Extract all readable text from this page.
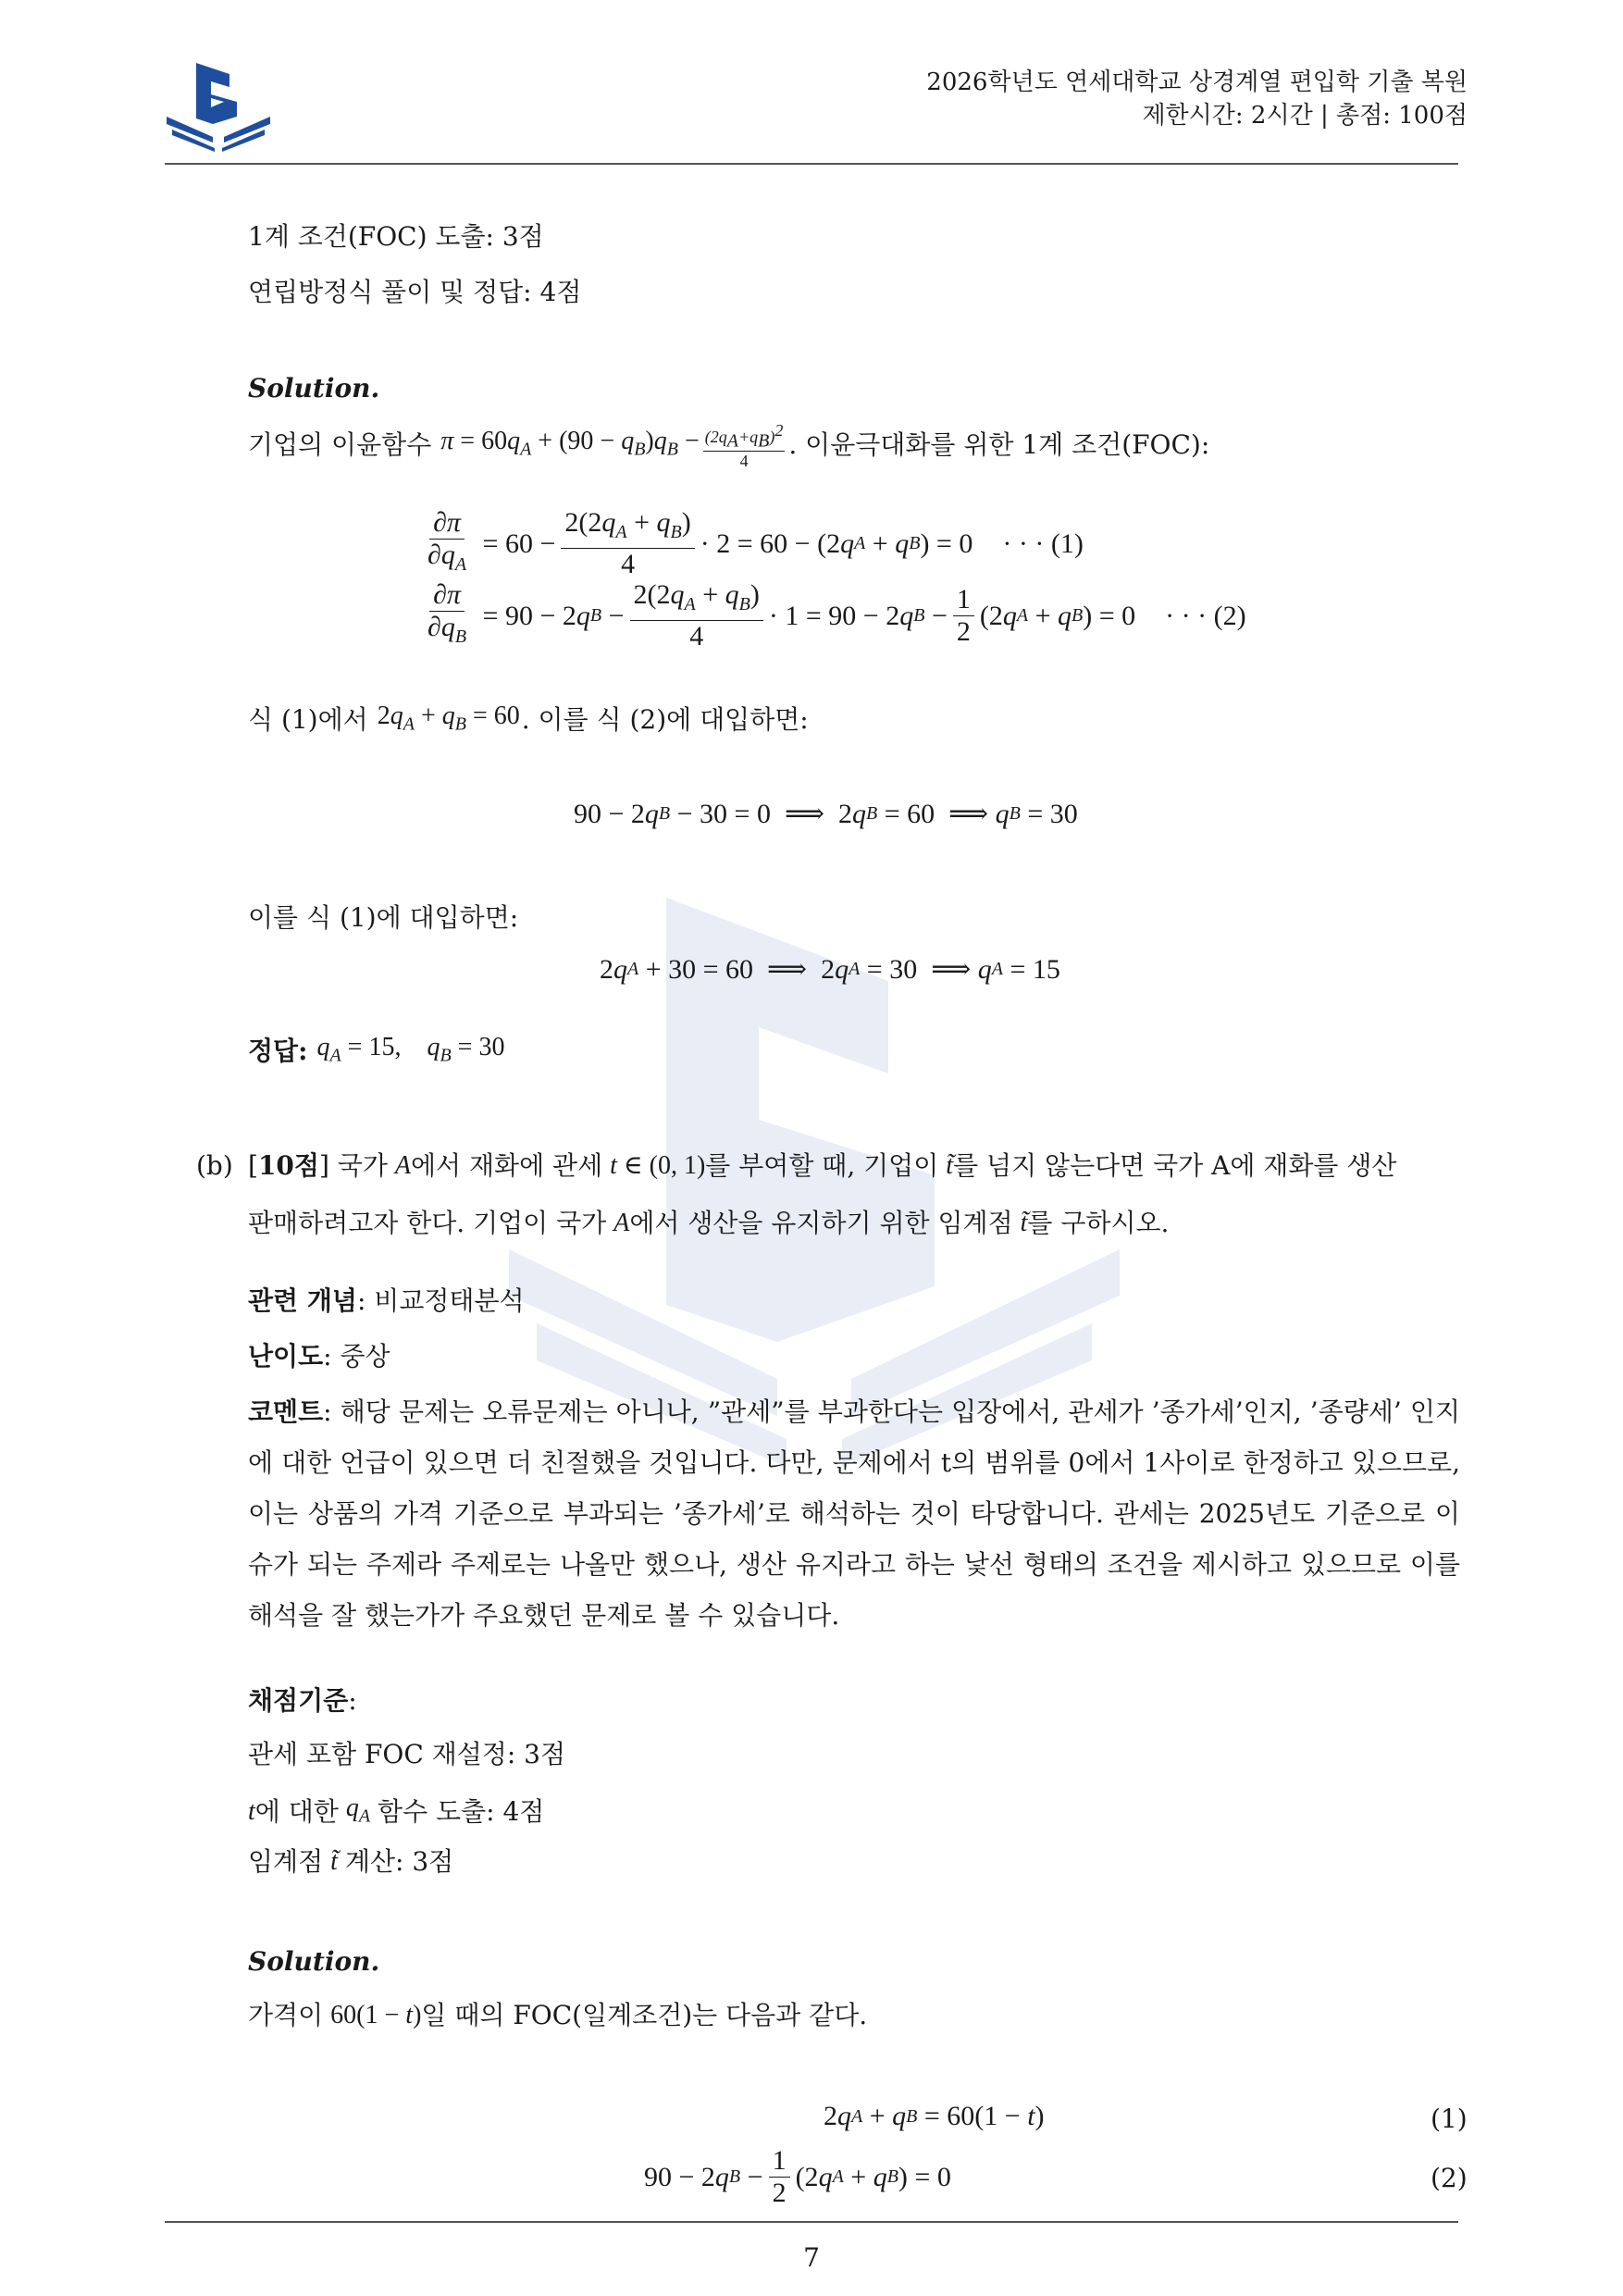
2026학년도 연세대학교 상경계열 편입학 기출 복원
제한시간: 2시간 | 총점: 100점
1계 조건(FOC) 도출: 3점
연립방정식 풀이 및 정답: 4점
Solution.
기업의 이윤함수 $\pi = 60q_A + (90 - q_B)q_B - \frac{(2q_A+q_B)^2}{4}$ . 이윤극대화를 위한 1계 조건(FOC):
$\frac{\partial\pi}{\partial q_A} = 60 - \frac{2(2q_A + q_B)}{4} \cdot 2 = 60 - (2$ q A + q B ) = 0 · · · (1)
$\frac{\partial\pi}{\partial q_B} = 90 - 2$ q $B - \frac{2(2q_A + q_B)}{4} \cdot 1 = 90 - 2$ q $B - \frac{1}{2} (2$ q A + q B ) = 0 · · · (2)
식 (1)에서 $2q_A + q_B = 60$ . 이를 식 (2)에 대입하면:
90 − 2 q B − 30 = 0  ⟹  2 q B = 60  ⟹ q B = 30
이를 식 (1)에 대입하면:
2 q A + 30 = 60  ⟹  2 q A = 30  ⟹ q A = 15
정답: $q_A = 15$,    $q_B = 30$
(b) [ 10점 ] 국가 A 에서 재화에 관세 t ∈ (0, 1) 를 부여할 때, 기업이 t̃ 를 넘지 않는다면 국가 A에 재화를 생산
판매하려고자 한다. 기업이 국가 A 에서 생산을 유지하기 위한 임계점 t̃ 를 구하시오.
관련 개념: 비교정태분석
난이도: 중상
코멘트: 해당 문제는 오류문제는 아니나, ”관세”를 부과한다는 입장에서, 관세가 ’종가세’인지, ’종량세’ 인지에 대한 언급이 있으면 더 친절했을 것입니다. 다만, 문제에서 t의 범위를 0에서 1사이로 한정하고 있으므로, 이는 상품의 가격 기준으로 부과되는 ’종가세’로 해석하는 것이 타당합니다. 관세는 2025년도 기준으로 이슈가 되는 주제라 주제로는 나올만 했으나, 생산 유지라고 하는 낯선 형태의 조건을 제시하고 있으므로 이를 해석을 잘 했는가가 주요했던 문제로 볼 수 있습니다.
채점기준:
관세 포함 FOC 재설정: 3점
t 에 대한 $q_A$ 함수 도출: 4점
임계점 t̃ 계산: 3점
Solution.
가격이 60(1 − t) 일 때의 FOC(일계조건)는 다음과 같다.
2 q A + q B = 60(1 − t )	(1)
90 − 2 q $B - \frac{1}{2} (2$ q A + q B ) = 0	(2)
7
